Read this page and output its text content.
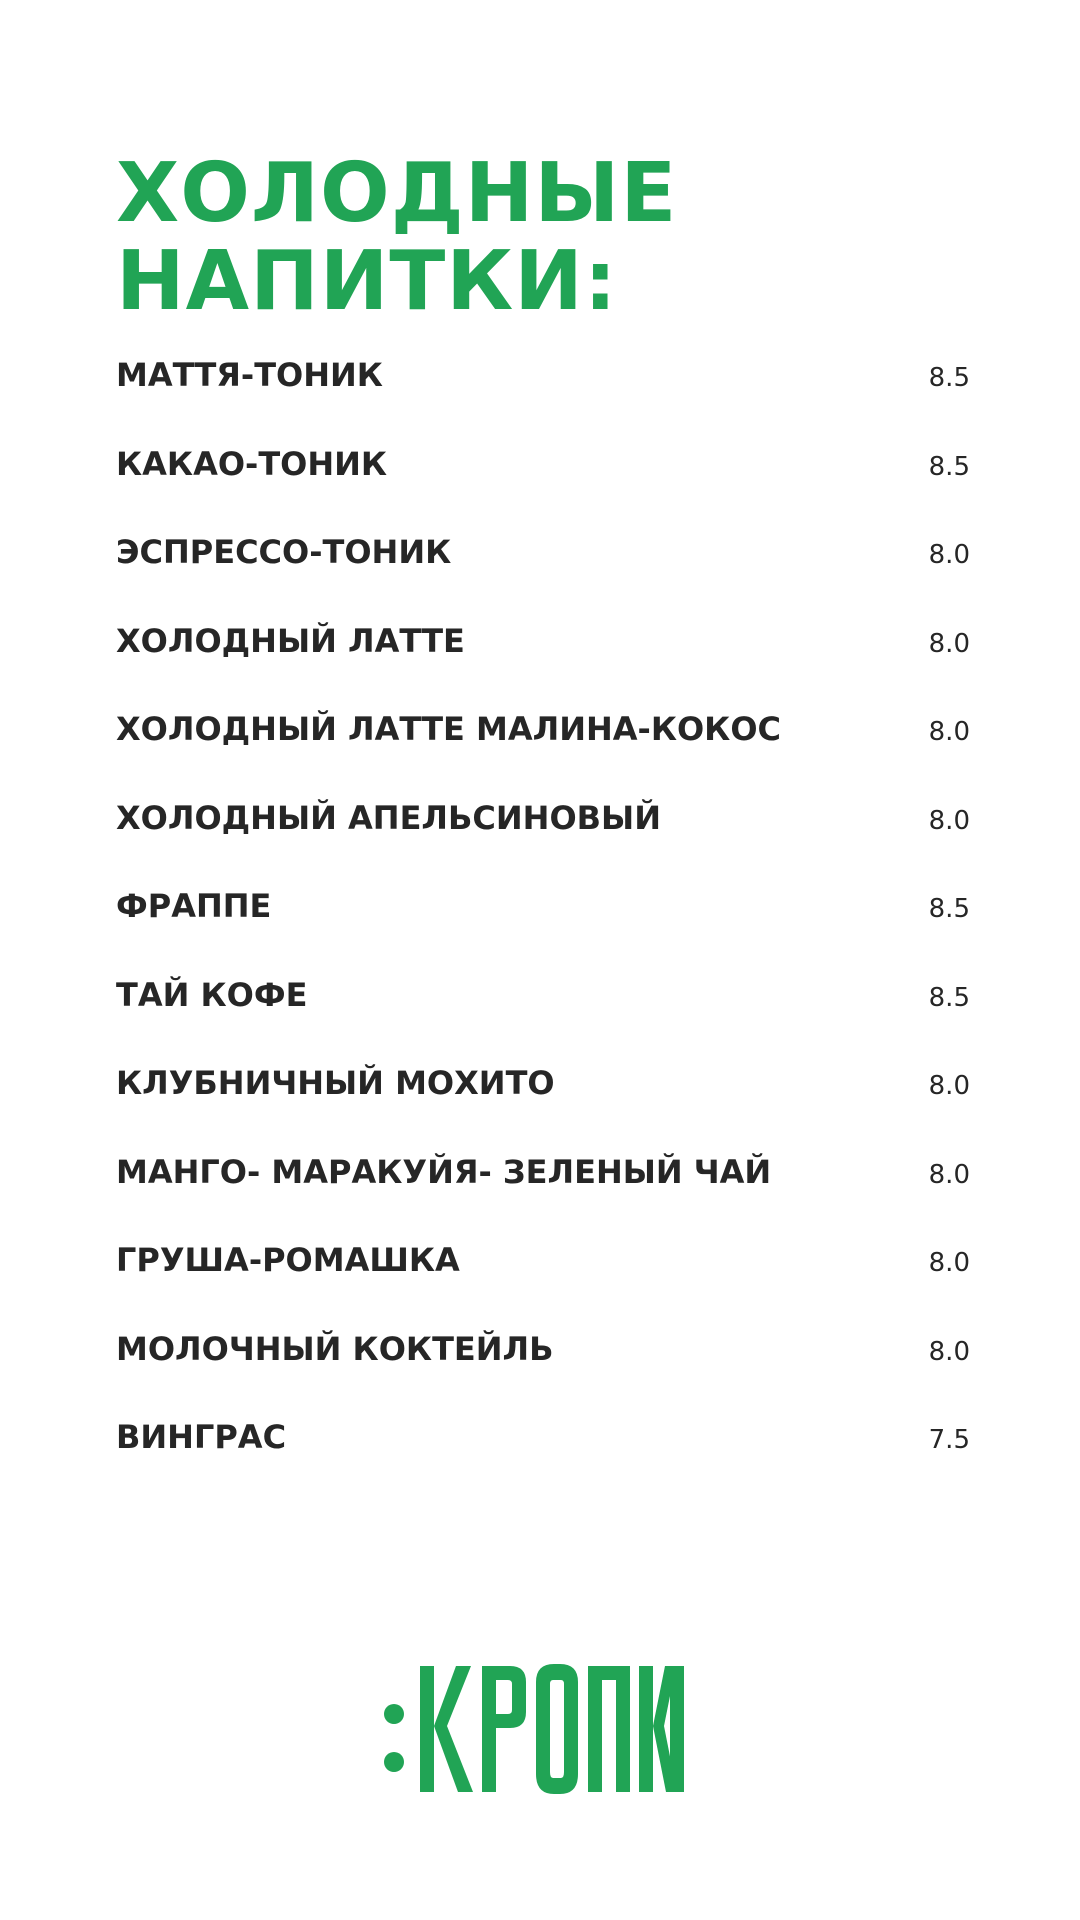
ХОЛОДНЫЕ
НАПИТКИ:
МАТТЯ-ТОНИК	8.5
КАКАО-ТОНИК	8.5
ЭСПРЕССО-ТОНИК	8.0
ХОЛОДНЫЙ ЛАТТЕ	8.0
ХОЛОДНЫЙ ЛАТТЕ МАЛИНА-КОКОС	8.0
ХОЛОДНЫЙ АПЕЛЬСИНОВЫЙ	8.0
ФРАППЕ	8.5
ТАЙ КОФЕ	8.5
КЛУБНИЧНЫЙ МОХИТО	8.0
МАНГО- МАРАКУЙЯ- ЗЕЛЕНЫЙ ЧАЙ	8.0
ГРУША-РОМАШКА	8.0
МОЛОЧНЫЙ КОКТЕЙЛЬ	8.0
ВИНГРАС	7.5
